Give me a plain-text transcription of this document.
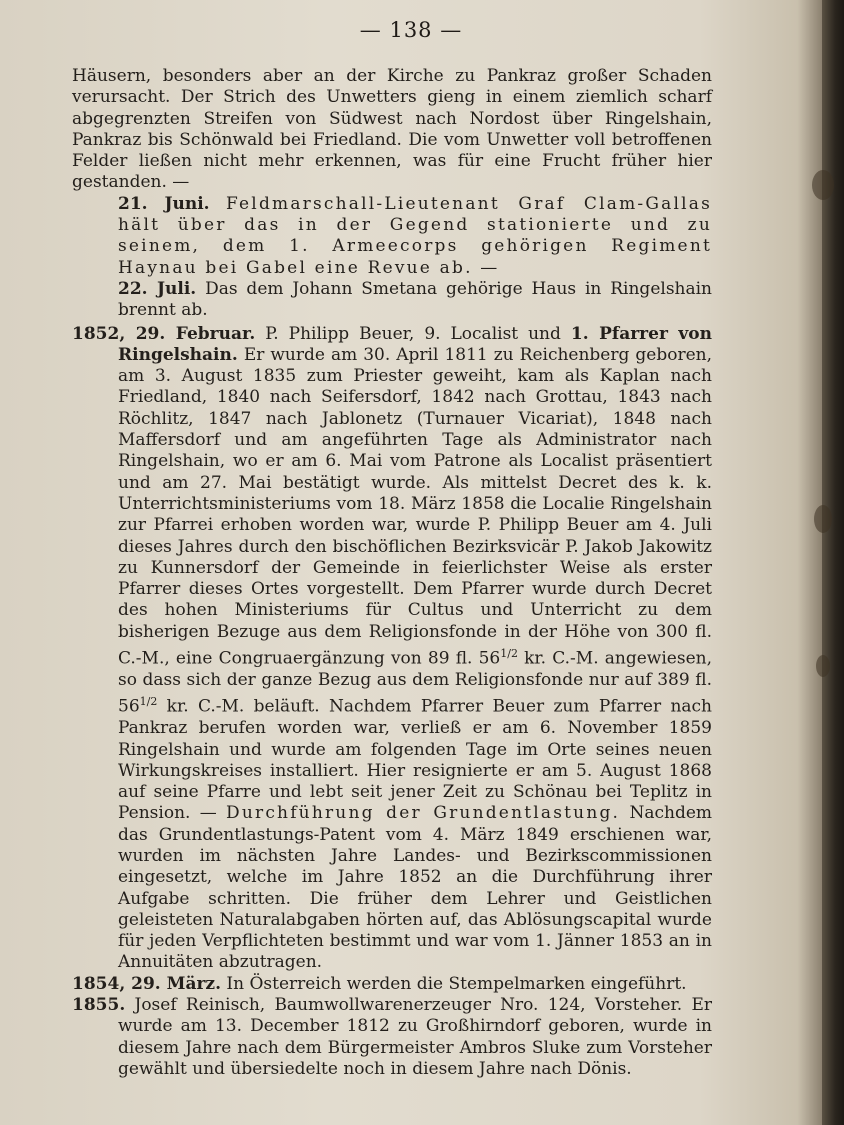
— 138 —

Häusern, besonders aber an der Kirche zu Pankraz großer Schaden verursacht. Der Strich des Unwetters gieng in einem ziemlich scharf abgegrenzten Streifen von Südwest nach Nordost über Ringelshain, Pankraz bis Schönwald bei Friedland. Die vom Unwetter voll betroffenen Felder ließen nicht mehr erkennen, was für eine Frucht früher hier gestanden. —

21. Juni. Feldmarschall-Lieutenant Graf Clam-Gallas hält über das in der Gegend stationierte und zu seinem, dem 1. Armeecorps gehörigen Regiment Haynau bei Gabel eine Revue ab. —

22. Juli. Das dem Johann Smetana gehörige Haus in Ringelshain brennt ab.

1852, 29. Februar. P. Philipp Beuer, 9. Localist und 1. Pfarrer von Ringelshain. Er wurde am 30. April 1811 zu Reichenberg geboren, am 3. August 1835 zum Priester geweiht, kam als Kaplan nach Friedland, 1840 nach Seifersdorf, 1842 nach Grottau, 1843 nach Röchlitz, 1847 nach Jablonetz (Turnauer Vicariat), 1848 nach Maffersdorf und am angeführten Tage als Administrator nach Ringelshain, wo er am 6. Mai vom Patrone als Localist präsentiert und am 27. Mai bestätigt wurde. Als mittelst Decret des k. k. Unterrichtsministeriums vom 18. März 1858 die Localie Ringelshain zur Pfarrei erhoben worden war, wurde P. Philipp Beuer am 4. Juli dieses Jahres durch den bischöflichen Bezirksvicär P. Jakob Jakowitz zu Kunnersdorf der Gemeinde in feierlichster Weise als erster Pfarrer dieses Ortes vorgestellt. Dem Pfarrer wurde durch Decret des hohen Ministeriums für Cultus und Unterricht zu dem bisherigen Bezuge aus dem Religionsfonde in der Höhe von 300 fl. C.-M., eine Congruaergänzung von 89 fl. $56^{1/2}$ kr. C.-M. angewiesen, so dass sich der ganze Bezug aus dem Religionsfonde nur auf 389 fl. $56^{1/2}$ kr. C.-M. beläuft. Nachdem Pfarrer Beuer zum Pfarrer nach Pankraz berufen worden war, verließ er am 6. November 1859 Ringelshain und wurde am folgenden Tage im Orte seines neuen Wirkungskreises installiert. Hier resignierte er am 5. August 1868 auf seine Pfarre und lebt seit jener Zeit zu Schönau bei Teplitz in Pension. — Durchführung der Grundentlastung. Nachdem das Grundentlastungs-Patent vom 4. März 1849 erschienen war, wurden im nächsten Jahre Landes- und Bezirkscommissionen eingesetzt, welche im Jahre 1852 an die Durchführung ihrer Aufgabe schritten. Die früher dem Lehrer und Geistlichen geleisteten Naturalabgaben hörten auf, das Ablösungscapital wurde für jeden Verpflichteten bestimmt und war vom 1. Jänner 1853 an in Annuitäten abzutragen.

1854, 29. März. In Österreich werden die Stempelmarken eingeführt.

1855. Josef Reinisch, Baumwollwarenerzeuger Nro. 124, Vorsteher. Er wurde am 13. December 1812 zu Großhirndorf geboren, wurde in diesem Jahre nach dem Bürgermeister Ambros Sluke zum Vorsteher gewählt und übersiedelte noch in diesem Jahre nach Dönis.
